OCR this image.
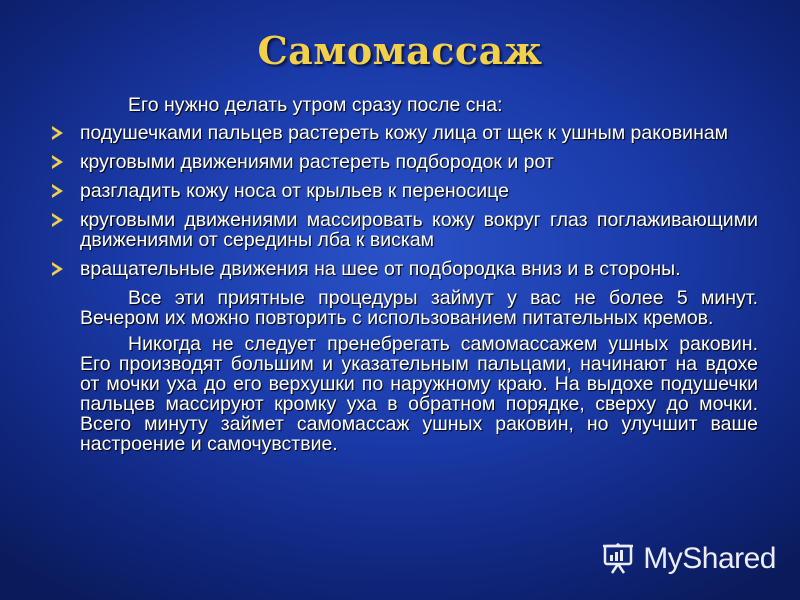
Самомассаж

Его нужно делать утром сразу после сна:

подушечками пальцев растереть кожу лица от щек к ушным раковинам
круговыми движениями растереть подбородок и рот
разгладить кожу носа от крыльев к переносице
круговыми движениями массировать кожу вокруг глаз поглаживающими движениями от середины лба к вискам
вращательные движения на шее от подбородка вниз и в стороны.

Все эти приятные процедуры займут у вас не более 5 минут. Вечером их можно повторить с использованием питательных кремов.

Никогда не следует пренебрегать самомассажем ушных раковин. Его производят большим и указательным пальцами, начинают на вдохе от мочки уха до его верхушки по наружному краю. На выдохе подушечки пальцев массируют кромку уха в обратном порядке, сверху до мочки. Всего минуту займет самомассаж ушных раковин, но улучшит ваше настроение и самочувствие.

MyShared
